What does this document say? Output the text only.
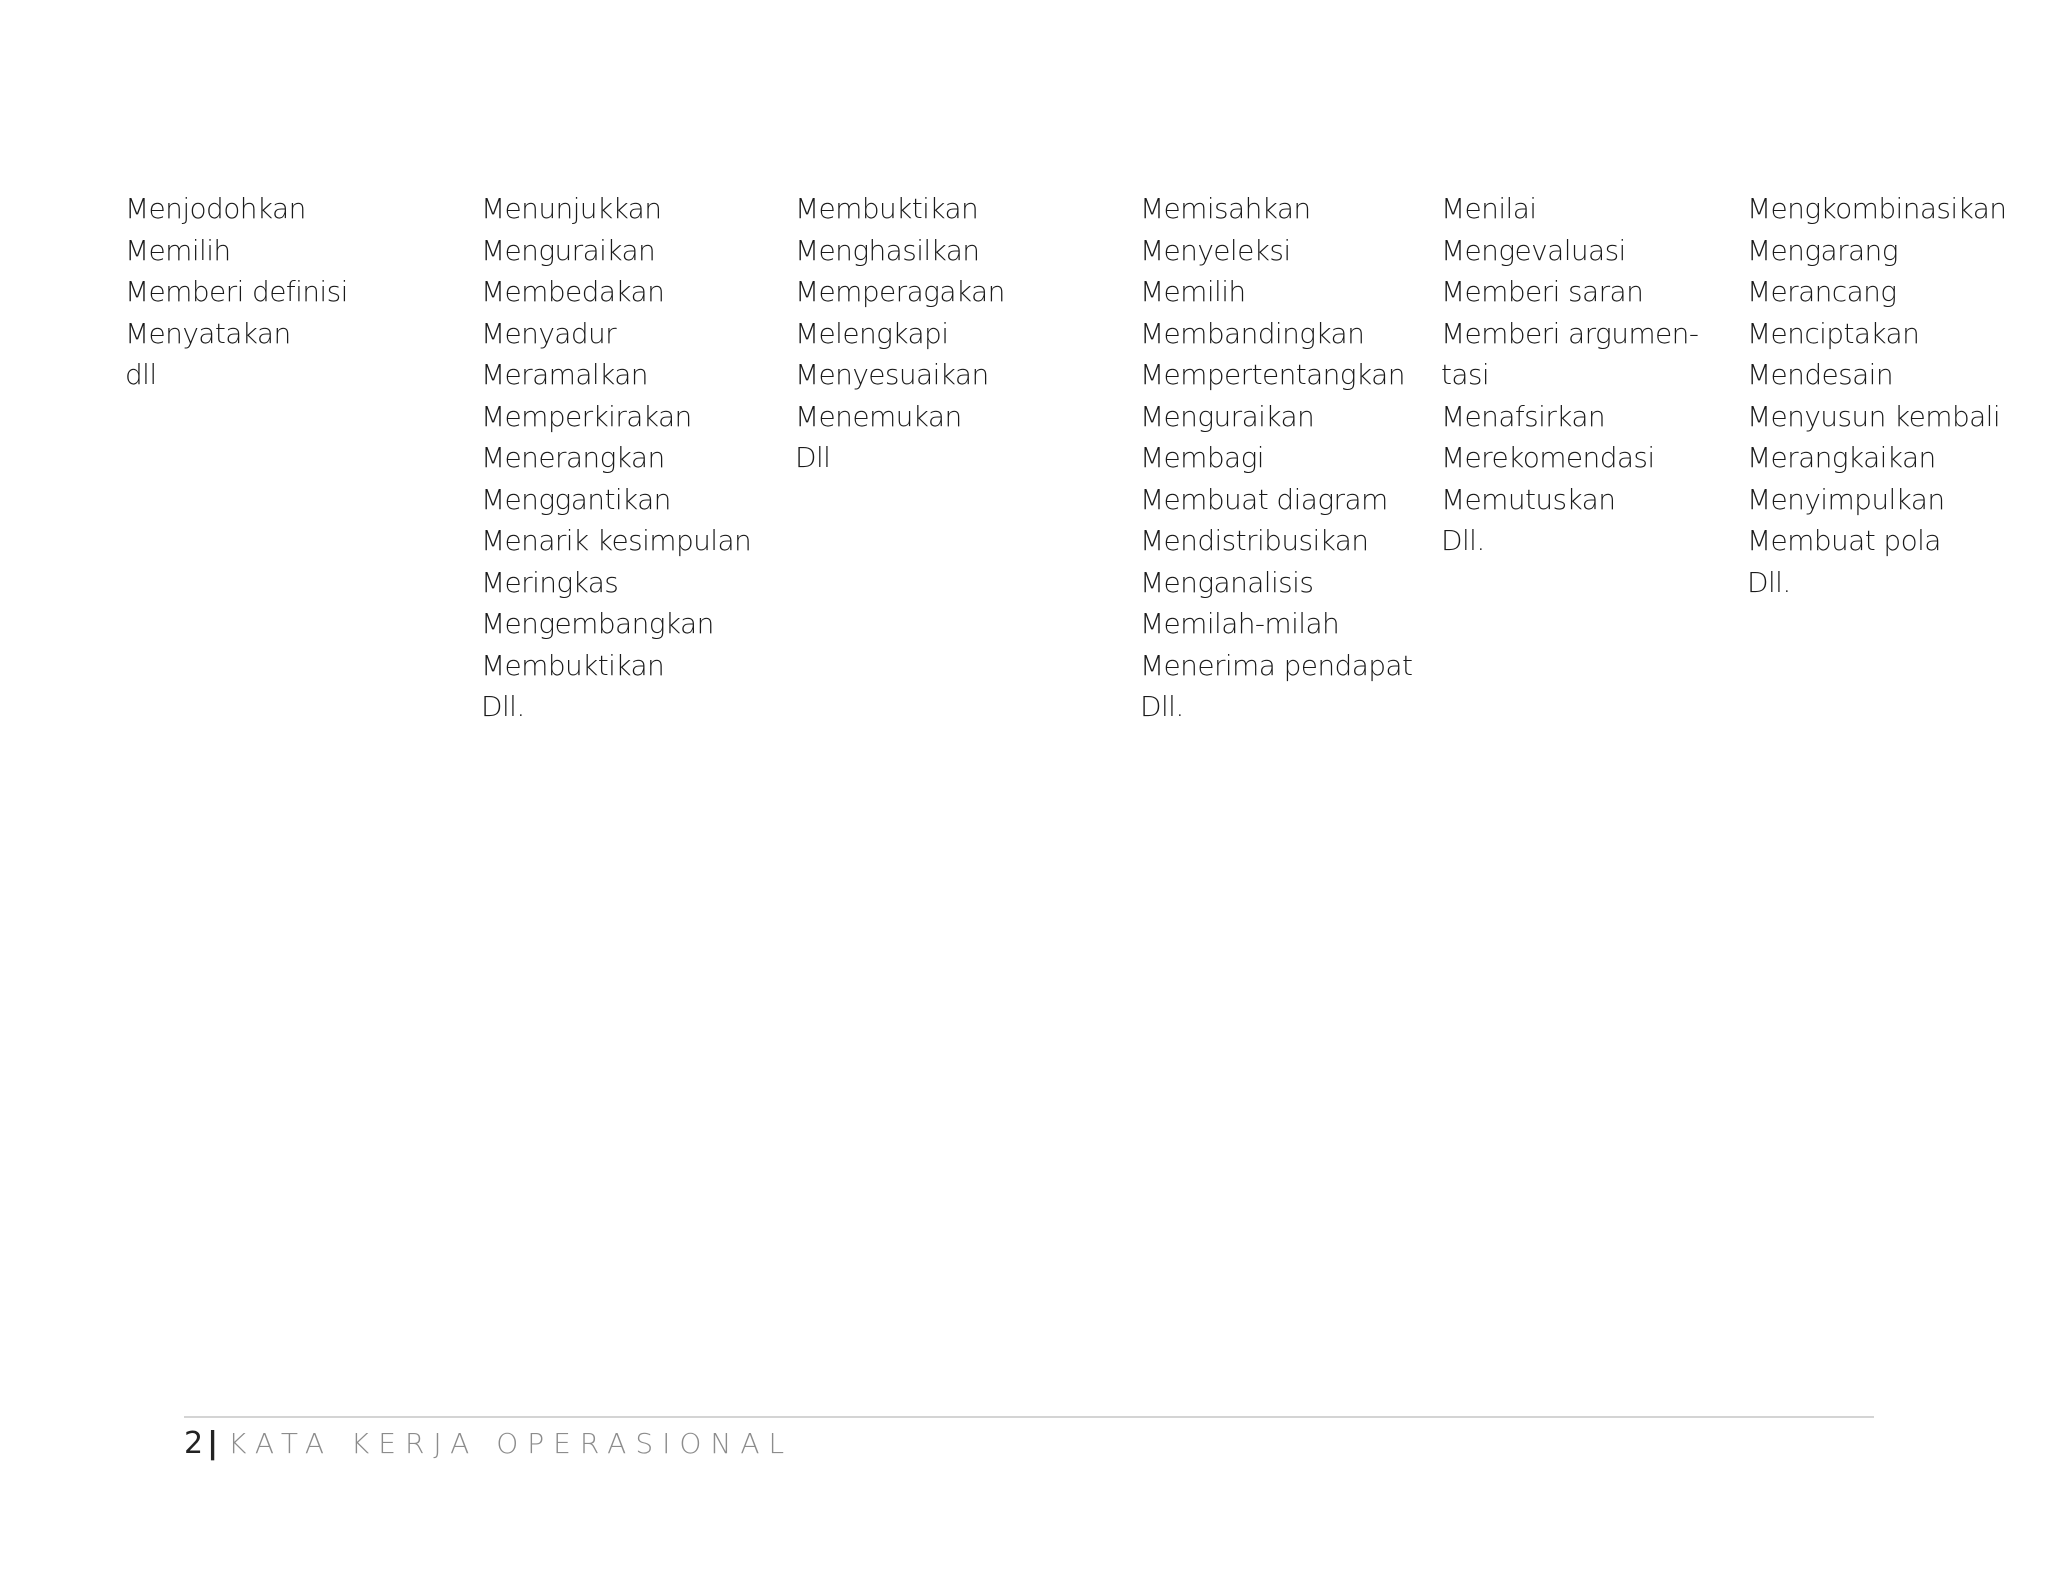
Menjodohkan
Memilih
Memberi definisi
Menyatakan
dll
Menunjukkan
Menguraikan
Membedakan
Menyadur
Meramalkan
Memperkirakan
Menerangkan
Menggantikan
Menarik kesimpulan
Meringkas
Mengembangkan
Membuktikan
Dll.
Membuktikan
Menghasilkan
Memperagakan
Melengkapi
Menyesuaikan
Menemukan
Dll
Memisahkan
Menyeleksi
Memilih
Membandingkan
Mempertentangkan
Menguraikan
Membagi
Membuat diagram
Mendistribusikan
Menganalisis
Memilah-milah
Menerima pendapat
Dll.
Menilai
Mengevaluasi
Memberi saran
Memberi argumen-
tasi
Menafsirkan
Merekomendasi
Memutuskan
Dll.
Mengkombinasikan
Mengarang
Merancang
Menciptakan
Mendesain
Menyusun kembali
Merangkaikan
Menyimpulkan
Membuat pola
Dll.
2 | KATA KERJA OPERASIONAL
